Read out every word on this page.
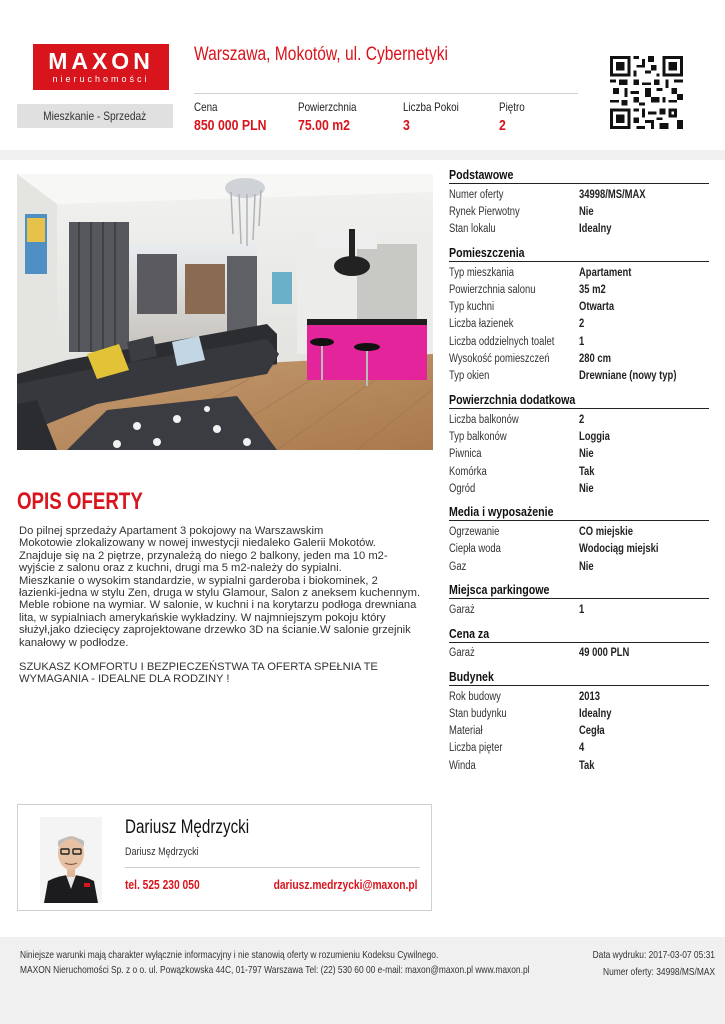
MAXON
nieruchomości
Warszawa, Mokotów, ul. Cybernetyki
Mieszkanie - Sprzedaż
Cena
850 000 PLN
Powierzchnia
75.00 m2
Liczba Pokoi
3
Piętro
2
OPIS OFERTY

Do pilnej sprzedaży Apartament 3 pokojowy na Warszawskim
Mokotowie zlokalizowany w nowej inwestycji niedaleko Galerii Mokotów. Znajduje się na 2 piętrze, przynależą do niego 2 balkony, jeden ma 10 m2-wyjście z salonu oraz z kuchni, drugi ma 5 m2-należy do sypialni.
Mieszkanie o wysokim standardzie, w sypialni garderoba i biokominek, 2 łazienki-jedna w stylu Zen, druga w stylu Glamour, Salon z aneksem kuchennym. Meble robione na wymiar. W salonie, w kuchni i na korytarzu podłoga drewniana lita, w sypialniach amerykańskie wykładziny. W najmniejszym pokoju który służył,jako dziecięcy zaprojektowane drzewko 3D na ścianie.W salonie grzejnik kanałowy w podłodze.

SZUKASZ KOMFORTU I BEZPIECZEŃSTWA TA OFERTA SPEŁNIA TE WYMAGANIA - IDEALNE DLA RODZINY !

Podstawowe
Numer oferty	34998/MS/MAX
Rynek Pierwotny	Nie
Stan lokalu	Idealny
Pomieszczenia
Typ mieszkania	Apartament
Powierzchnia salonu	35 m2
Typ kuchni	Otwarta
Liczba łazienek	2
Liczba oddzielnych toalet	1
Wysokość pomieszczeń	280 cm
Typ okien	Drewniane (nowy typ)
Powierzchnia dodatkowa
Liczba balkonów	2
Typ balkonów	Loggia
Piwnica	Nie
Komórka	Tak
Ogród	Nie
Media i wyposażenie
Ogrzewanie	CO miejskie
Ciepła woda	Wodociąg miejski
Gaz	Nie
Miejsca parkingowe
Garaż	1
Cena za
Garaż	49 000 PLN
Budynek
Rok budowy	2013
Stan budynku	Idealny
Materiał	Cegła
Liczba pięter	4
Winda	Tak
Dariusz Mędrzycki
Dariusz Mędrzycki
tel. 525 230 050	dariusz.medrzycki@maxon.pl
Niniejsze warunki mają charakter wyłącznie informacyjny i nie stanowią oferty w rozumieniu Kodeksu Cywilnego.
MAXON Nieruchomości Sp. z o o. ul. Powązkowska 44C, 01-797 Warszawa Tel: (22) 530 60 00 e-mail: maxon@maxon.pl www.maxon.pl
Data wydruku: 2017-03-07 05:31
Numer oferty: 34998/MS/MAX
